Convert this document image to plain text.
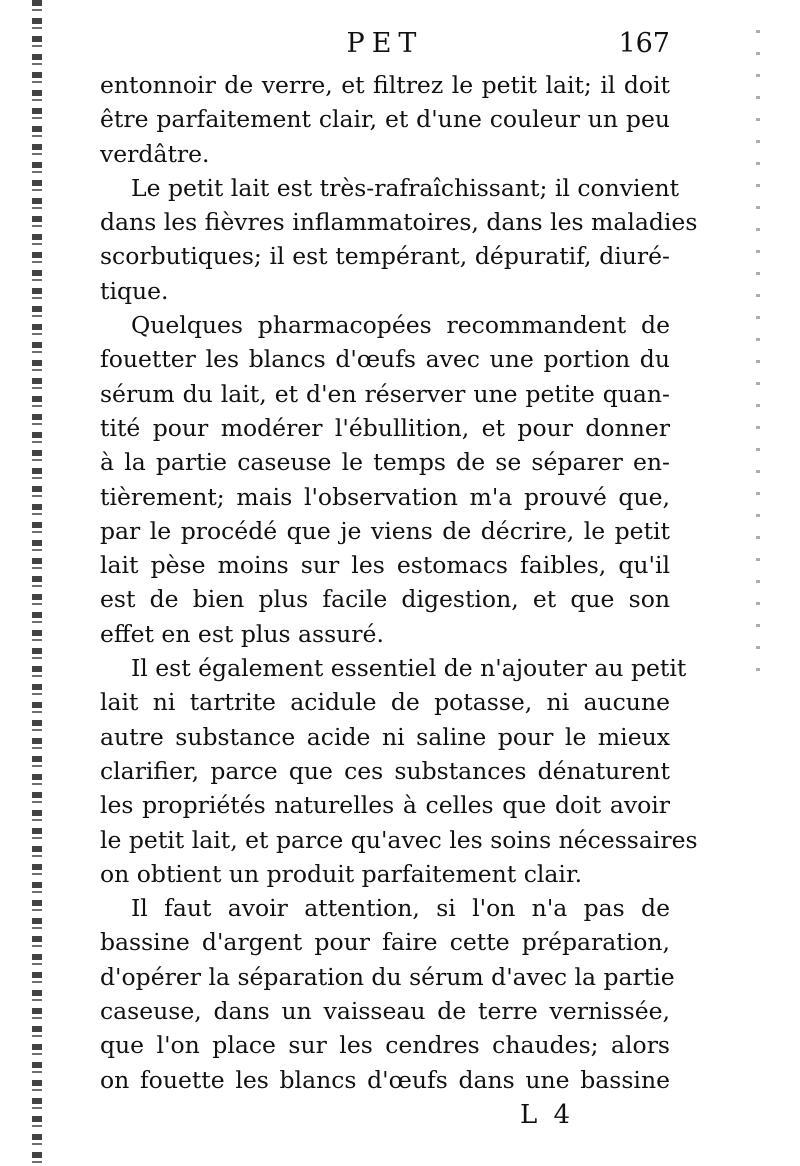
PET	167
entonnoir de verre, et filtrez le petit lait; il doit
être parfaitement clair, et d'une couleur un peu
verdâtre.
Le petit lait est très-rafraîchissant; il convient
dans les fièvres inflammatoires, dans les maladies
scorbutiques; il est tempérant, dépuratif, diuré-
tique.
Quelques pharmacopées recommandent de
fouetter les blancs d'œufs avec une portion du
sérum du lait, et d'en réserver une petite quan-
tité pour modérer l'ébullition, et pour donner
à la partie caseuse le temps de se séparer en-
tièrement; mais l'observation m'a prouvé que,
par le procédé que je viens de décrire, le petit
lait pèse moins sur les estomacs faibles, qu'il
est de bien plus facile digestion, et que son
effet en est plus assuré.
Il est également essentiel de n'ajouter au petit
lait ni tartrite acidule de potasse, ni aucune
autre substance acide ni saline pour le mieux
clarifier, parce que ces substances dénaturent
les propriétés naturelles à celles que doit avoir
le petit lait, et parce qu'avec les soins nécessaires
on obtient un produit parfaitement clair.
Il faut avoir attention, si l'on n'a pas de
bassine d'argent pour faire cette préparation,
d'opérer la séparation du sérum d'avec la partie
caseuse, dans un vaisseau de terre vernissée,
que l'on place sur les cendres chaudes; alors
on fouette les blancs d'œufs dans une bassine
L 4
